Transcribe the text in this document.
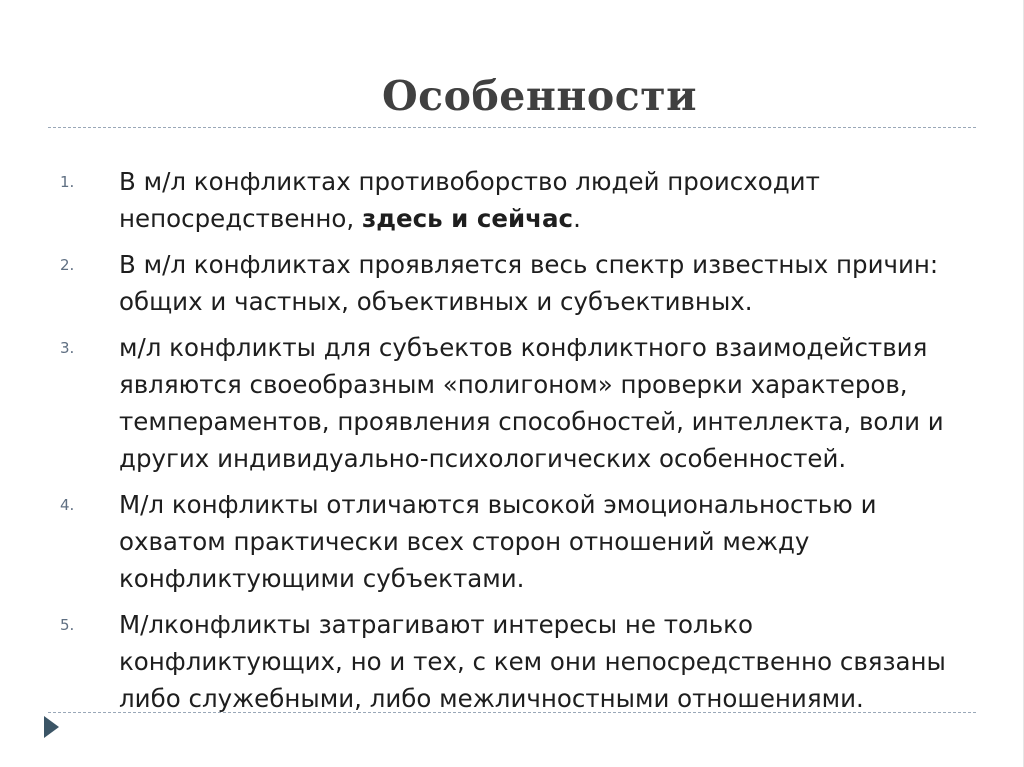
Особенности
1. В м/л конфликтах противоборство людей происходит непосредственно, здесь и сейчас.
2. В м/л конфликтах проявляется весь спектр известных причин: общих и частных, объективных и субъективных.
3. м/л конфликты для субъектов конфликтного взаимодействия являются своеобразным «полигоном» проверки характеров, темпераментов, проявления способностей, интеллекта, воли и других индивидуально-психологических особенностей.
4. М/л конфликты отличаются высокой эмоциональностью и охватом практически всех сторон отношений между конфликтующими субъектами.
5. М/лконфликты затрагивают интересы не только конфликтующих, но и тех, с кем они непосредственно связаны либо служебными, либо межличностными отношениями.
